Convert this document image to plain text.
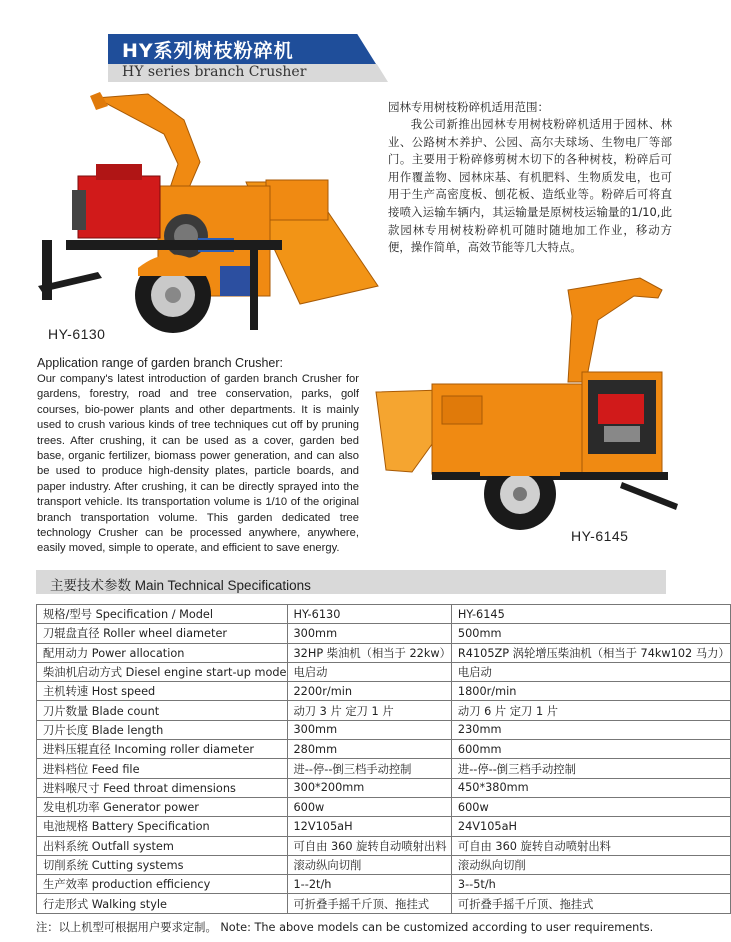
HY系列树枝粉碎机
HY series branch Crusher
HY-6130
园林专用树枝粉碎机适用范围：
我公司新推出园林专用树枝粉碎机适用于园林、林业、公路树木养护、公园、高尔夫球场、生物电厂等部门。主要用于粉碎修剪树木切下的各种树枝，粉碎后可用作覆盖物、园林床基、有机肥料、生物质发电，也可用于生产高密度板、刨花板、造纸业等。粉碎后可将直接喷入运输车辆内，其运输量是原树枝运输量的1/10,此款园林专用树枝粉碎机可随时随地加工作业，移动方便，操作简单，高效节能等几大特点。
Application range of garden branch Crusher:
Our company's latest introduction of garden branch Crusher for gardens, forestry, road and tree conservation, parks, golf courses, bio-power plants and other departments. It is mainly used to crush various kinds of tree techniques cut off by pruning trees. After crushing, it can be used as a cover, garden bed base, organic fertilizer, biomass power generation, and can also be used to produce high-density plates, particle boards, and paper industry. After crushing, it can be directly sprayed into the transport vehicle. Its transportation volume is 1/10 of the original branch transportation volume. This garden dedicated tree technology Crusher can be processed anywhere, anywhere, easily moved, simple to operate, and efficient to save energy.
HY-6145
主要技术参数 Main Technical Specifications
规格/型号 Specification / Model	HY-6130	HY-6145
刀辊盘直径 Roller wheel diameter	300mm	500mm
配用动力 Power allocation	32HP 柴油机（相当于 22kw）	R4105ZP 涡轮增压柴油机（相当于 74kw102 马力）
柴油机启动方式 Diesel engine start-up mode	电启动	电启动
主机转速 Host speed	2200r/min	1800r/min
刀片数量 Blade count	动刀 3 片 定刀 1 片	动刀 6 片 定刀 1 片
刀片长度 Blade length	300mm	230mm
进料压辊直径 Incoming roller diameter	280mm	600mm
进料档位 Feed file	进--停--倒三档手动控制	进--停--倒三档手动控制
进料喉尺寸 Feed throat dimensions	300*200mm	450*380mm
发电机功率 Generator power	600w	600w
电池规格 Battery Specification	12V105aH	24V105aH
出料系统 Outfall system	可自由 360 旋转自动喷射出料	可自由 360 旋转自动喷射出料
切削系统 Cutting systems	滚动纵向切削	滚动纵向切削
生产效率 production efficiency	1--2t/h	3--5t/h
行走形式 Walking style	可折叠手摇千斤顶、拖挂式	可折叠手摇千斤顶、拖挂式
注：以上机型可根据用户要求定制。 Note: The above models can be customized according to user requirements.
